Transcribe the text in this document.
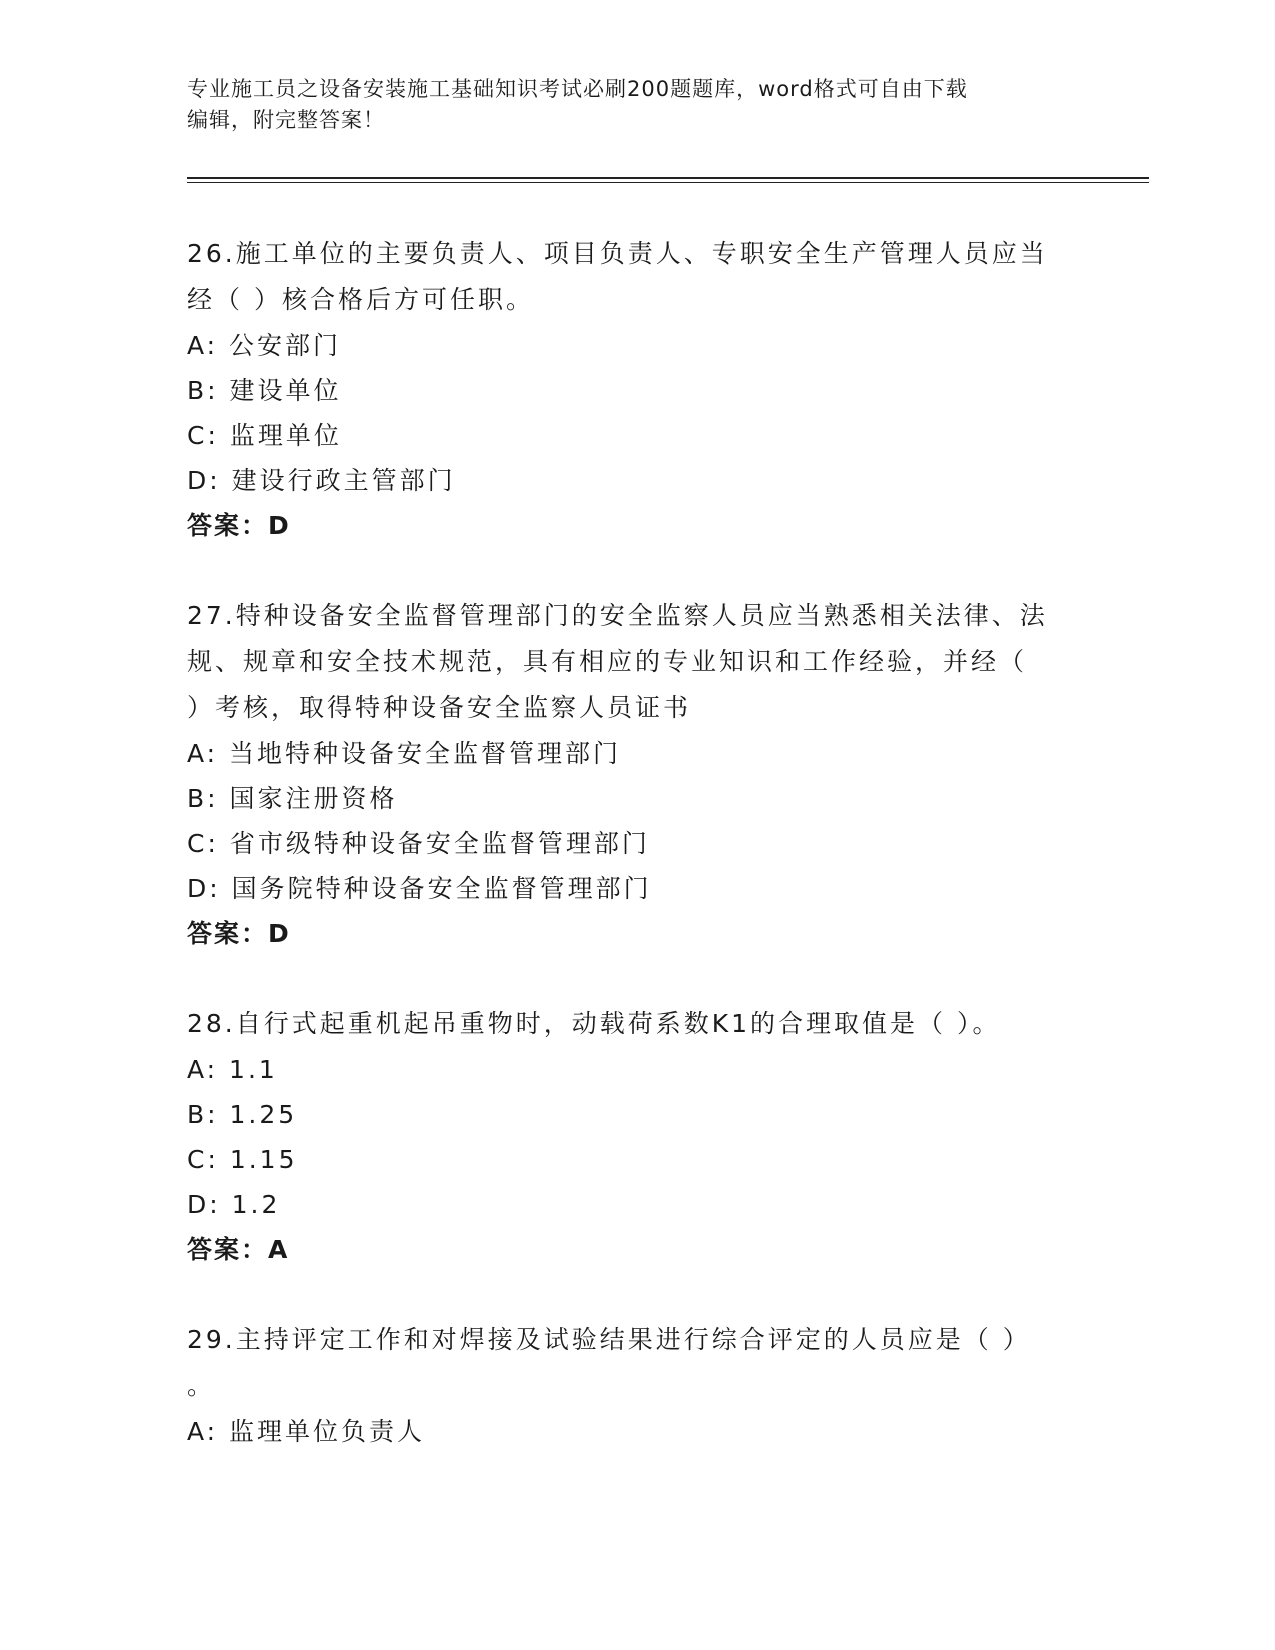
专业施工员之设备安装施工基础知识考试必刷200题题库，word格式可自由下载
编辑，附完整答案！
26.施工单位的主要负责人、项目负责人、专职安全生产管理人员应当
经（ ）核合格后方可任职。
A: 公安部门
B: 建设单位
C: 监理单位
D: 建设行政主管部门
答案：D
27.特种设备安全监督管理部门的安全监察人员应当熟悉相关法律、法
规、规章和安全技术规范，具有相应的专业知识和工作经验，并经（
）考核，取得特种设备安全监察人员证书
A: 当地特种设备安全监督管理部门
B: 国家注册资格
C: 省市级特种设备安全监督管理部门
D: 国务院特种设备安全监督管理部门
答案：D
28.自行式起重机起吊重物时，动载荷系数K1的合理取值是（ ）。
A: 1.1
B: 1.25
C: 1.15
D: 1.2
答案：A
29.主持评定工作和对焊接及试验结果进行综合评定的人员应是（ ）
。
A: 监理单位负责人
